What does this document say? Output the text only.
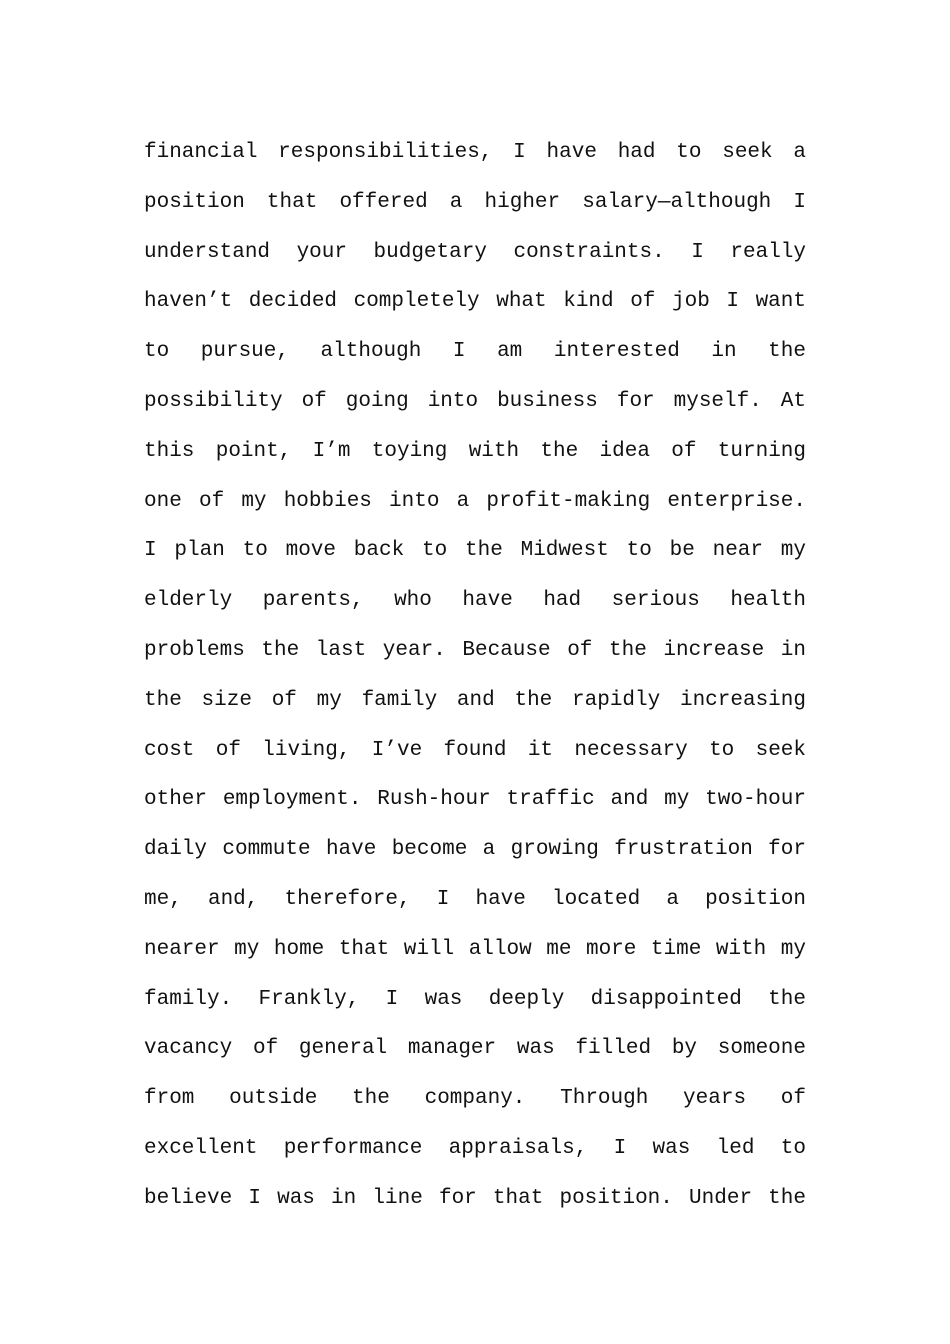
financial responsibilities, I have had to seek a
position that offered a higher salary—although I
understand your budgetary constraints. I really
haven’t decided completely what kind of job I want
to pursue, although I am interested in the
possibility of going into business for myself. At
this point, I’m toying with the idea of turning
one of my hobbies into a profit-making enterprise.
I plan to move back to the Midwest to be near my
elderly parents, who have had serious health
problems the last year. Because of the increase in
the size of my family and the rapidly increasing
cost of living, I’ve found it necessary to seek
other employment. Rush-hour traffic and my two-hour
daily commute have become a growing frustration for
me, and, therefore, I have located a position
nearer my home that will allow me more time with my
family. Frankly, I was deeply disappointed the
vacancy of general manager was filled by someone
from outside the company. Through years of
excellent performance appraisals, I was led to
believe I was in line for that position. Under the
